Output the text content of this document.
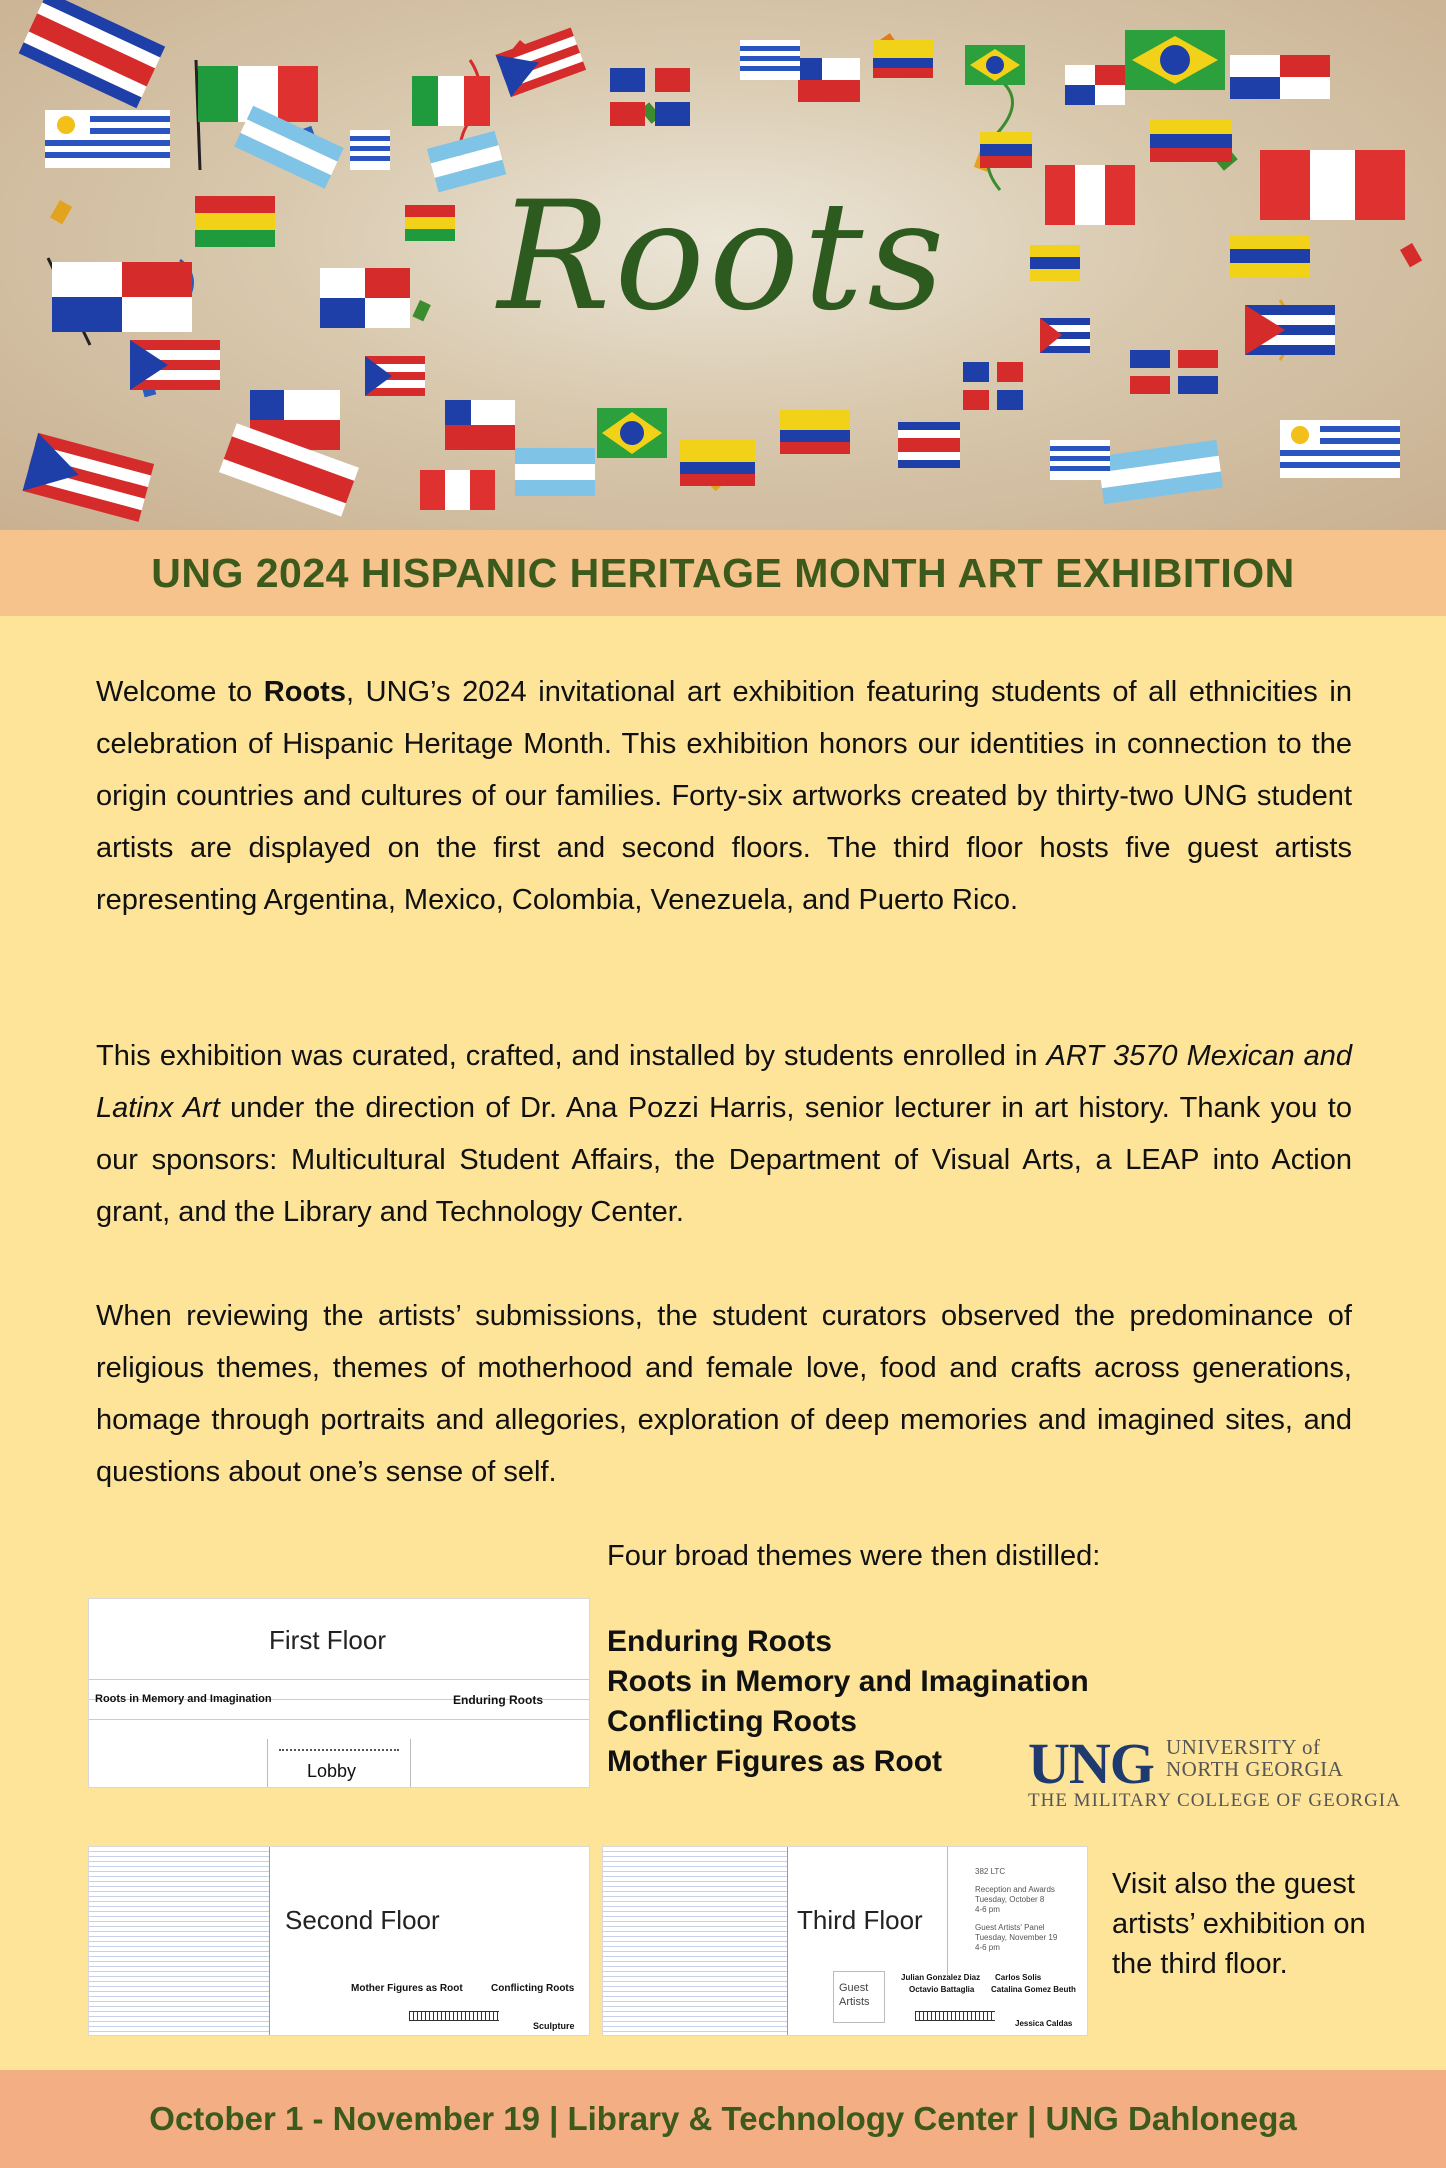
Roots
UNG 2024 HISPANIC HERITAGE MONTH ART EXHIBITION
Welcome to Roots, UNG’s 2024 invitational art exhibition featuring students of all ethnicities in celebration of Hispanic Heritage Month. This exhibition honors our identities in connection to the origin countries and cultures of our families. Forty-six artworks created by thirty-two UNG student artists are displayed on the first and second floors. The third floor hosts five guest artists representing Argentina, Mexico, Colombia, Venezuela, and Puerto Rico.
This exhibition was curated, crafted, and installed by students enrolled in ART 3570 Mexican and Latinx Art under the direction of Dr. Ana Pozzi Harris, senior lecturer in art history. Thank you to our sponsors: Multicultural Student Affairs, the Department of Visual Arts, a LEAP into Action grant, and the Library and Technology Center.
When reviewing the artists’ submissions, the student curators observed the predominance of religious themes, themes of motherhood and female love, food and crafts across generations, homage through portraits and allegories, exploration of deep memories and imagined sites, and questions about one’s sense of self.
Four broad themes were then distilled:
Enduring Roots
Roots in Memory and Imagination
Conflicting Roots
Mother Figures as Root	UNG UNIVERSITY of
NORTH GEORGIA
THE MILITARY COLLEGE OF GEORGIA
First Floor
Roots in Memory and Imagination	Enduring Roots
Lobby
Second Floor
Mother Figures as Root	Conflicting Roots
Sculpture
Third Floor
382 LTC
Reception and Awards
Tuesday, October 8
4-6 pm
Guest Artists' Panel
Tuesday, November 19
4-6 pm
Guest Artists
Julian Gonzalez Diaz
Octavio Battaglia
Carlos Solis
Catalina Gomez Beuth
Jessica Caldas
Visit also the guest artists’ exhibition on the third floor.
October 1 - November 19 | Library & Technology Center | UNG Dahlonega
